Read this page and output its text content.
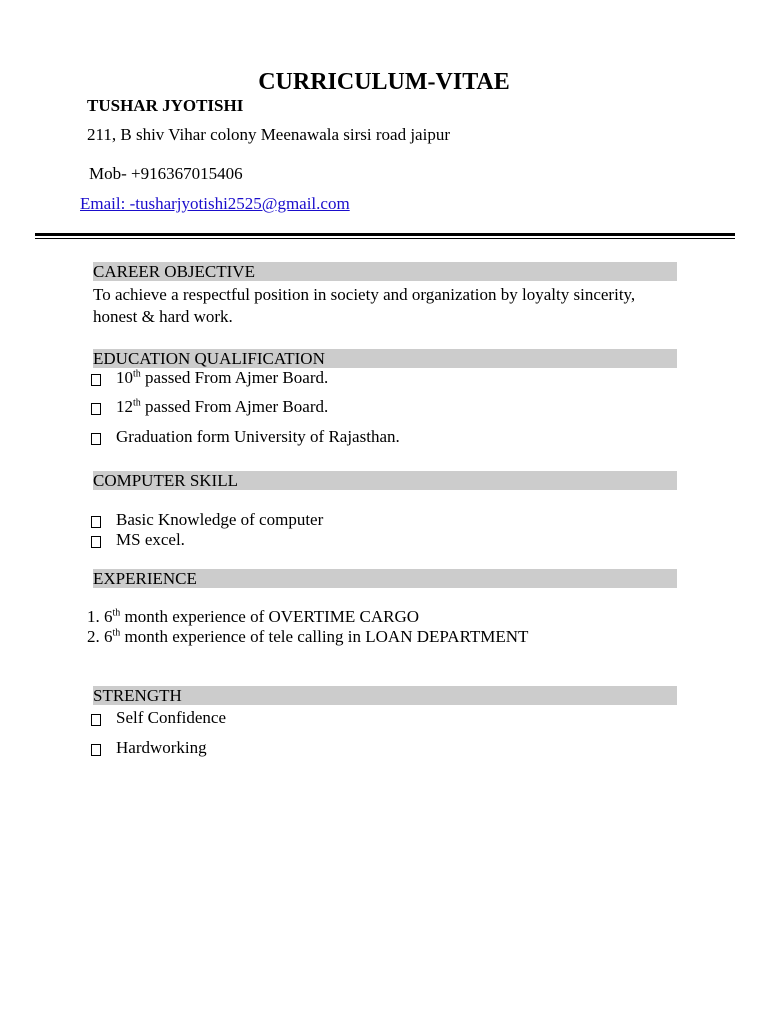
CURRICULUM-VITAE
TUSHAR JYOTISHI
211, B shiv Vihar colony Meenawala sirsi road jaipur
Mob- +916367015406
Email: -tusharjyotishi2525@gmail.com
CAREER OBJECTIVE
To achieve a respectful position in society and organization by loyalty sincerity, honest & hard work.
EDUCATION QUALIFICATION
10th passed From Ajmer Board.
12th passed From Ajmer Board.
Graduation form University of Rajasthan.
COMPUTER SKILL
Basic Knowledge of computer
MS excel.
EXPERIENCE
1. 6th month experience of OVERTIME CARGO
2. 6th month experience of tele calling in LOAN DEPARTMENT
STRENGTH
Self Confidence
Hardworking
